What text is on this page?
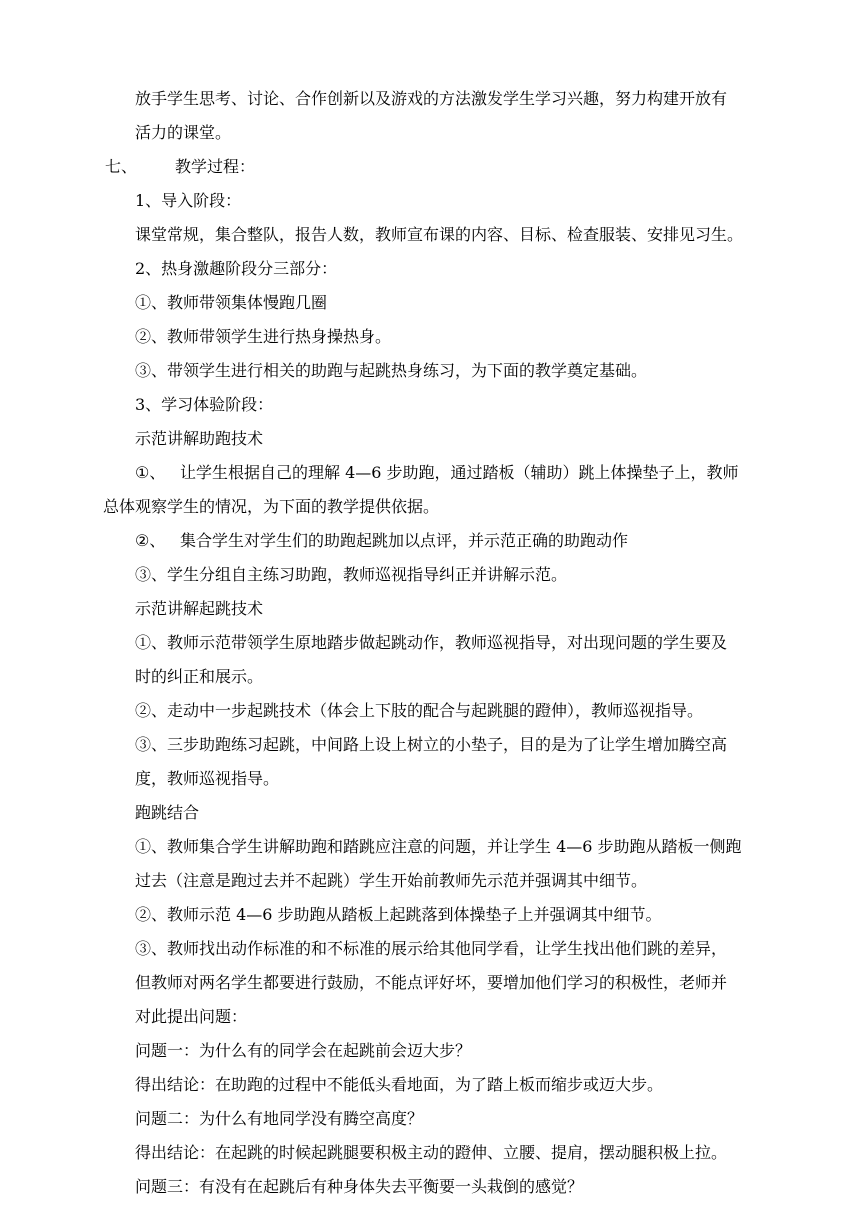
放手学生思考、讨论、合作创新以及游戏的方法激发学生学习兴趣，努力构建开放有
活力的课堂。
七、 教学过程：
1、导入阶段：
课堂常规，集合整队，报告人数，教师宣布课的内容、目标、检查服装、安排见习生。
2、热身激趣阶段分三部分：
①、教师带领集体慢跑几圈
②、教师带领学生进行热身操热身。
③、带领学生进行相关的助跑与起跳热身练习，为下面的教学奠定基础。
3、学习体验阶段：
示范讲解助跑技术
①、 让学生根据自己的理解 4—6 步助跑，通过踏板（辅助）跳上体操垫子上，教师
总体观察学生的情况，为下面的教学提供依据。
②、 集合学生对学生们的助跑起跳加以点评，并示范正确的助跑动作
③、学生分组自主练习助跑，教师巡视指导纠正并讲解示范。
示范讲解起跳技术
①、教师示范带领学生原地踏步做起跳动作，教师巡视指导，对出现问题的学生要及
时的纠正和展示。
②、走动中一步起跳技术（体会上下肢的配合与起跳腿的蹬伸），教师巡视指导。
③、三步助跑练习起跳，中间路上设上树立的小垫子，目的是为了让学生增加腾空高
度，教师巡视指导。
跑跳结合
①、教师集合学生讲解助跑和踏跳应注意的问题，并让学生 4—6 步助跑从踏板一侧跑
过去（注意是跑过去并不起跳）学生开始前教师先示范并强调其中细节。
②、教师示范 4—6 步助跑从踏板上起跳落到体操垫子上并强调其中细节。
③、教师找出动作标准的和不标准的展示给其他同学看，让学生找出他们跳的差异，
但教师对两名学生都要进行鼓励，不能点评好坏，要增加他们学习的积极性，老师并
对此提出问题：
问题一：为什么有的同学会在起跳前会迈大步？
得出结论：在助跑的过程中不能低头看地面，为了踏上板而缩步或迈大步。
问题二：为什么有地同学没有腾空高度？
得出结论：在起跳的时候起跳腿要积极主动的蹬伸、立腰、提肩，摆动腿积极上拉。
问题三：有没有在起跳后有种身体失去平衡要一头栽倒的感觉？
